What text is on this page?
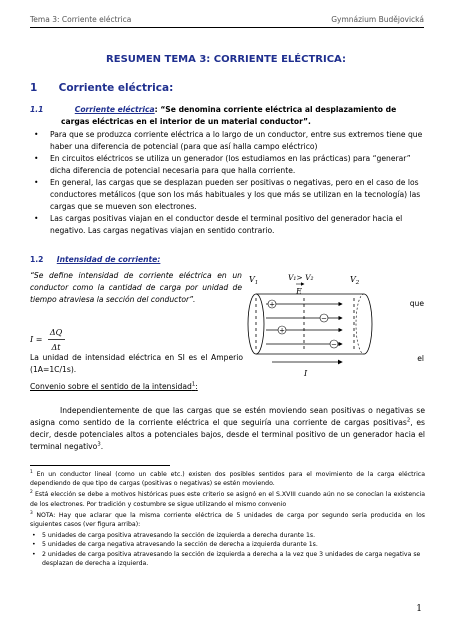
Tema 3: Corriente eléctrica	Gymnázium Budějovická
RESUMEN TEMA 3: CORRIENTE ELÉCTRICA:
1 Corriente eléctrica:
1.1	Corriente eléctrica: “Se denomina corriente eléctrica al desplazamiento de
cargas eléctricas en el interior de un material conductor”.
• Para que se produzca corriente eléctrica a lo largo de un conductor, entre sus extremos tiene que haber una diferencia de potencial (para que así halla campo eléctrico)
• En circuitos eléctricos se utiliza un generador (los estudiamos en las prácticas) para “generar” dicha diferencia de potencial necesaria para que halla corriente.
• En general, las cargas que se desplazan pueden ser positivas o negativas, pero en el caso de los conductores metálicos (que son los más habituales y los que más se utilizan en la tecnología) las cargas que se mueven son electrones.
• Las cargas positivas viajan en el conductor desde el terminal positivo del generador hacia el negativo. Las cargas negativas viajan en sentido contrario.
1.2 Intensidad de corriente:
“Se define intensidad de corriente eléctrica en un conductor como la cantidad de carga por unidad de tiempo atraviesa la sección del conductor”.
I =
ΔQ
Δt
La unidad de intensidad eléctrica en SI es el Amperio (1A=1C/1s).
Convenio sobre el sentido de la intensidad$^1$:
que
el
$V_1$
V₁> V₂	$V_2$
E
+
+
−
−
I
Independientemente de que las cargas que se estén moviendo sean positivas o negativas se asigna como sentido de la corriente eléctrica el que seguiría una corriente de cargas positivas$^2$, es decir, desde potenciales altos a potenciales bajos, desde el terminal positivo de un generador hacia el terminal negativo$^3$.

$^1$ En un conductor lineal (como un cable etc.) existen dos posibles sentidos para el movimiento de la carga eléctrica dependiendo de que tipo de cargas (positivas o negativas) se estén moviendo.

$^2$ Está elección se debe a motivos históricas pues este criterio se asignó en el S.XVIII cuando aún no se conocían la existencia de los electrones. Por tradición y costumbre se sigue utilizando el mismo convenio

$^3$ NOTA: Hay que aclarar que la misma corriente eléctrica de 5 unidades de carga por segundo sería producida en los siguientes casos (ver figura arriba):

• 5 unidades de carga positiva atravesando la sección de izquierda a derecha durante 1s.
• 5 unidades de carga negativa atravesando la sección de derecha a izquierda durante 1s.
• 2 unidades de carga positiva atravesando la sección de izquierda a derecha a la vez que 3 unidades de carga negativa se desplazan de derecha a izquierda.
1
